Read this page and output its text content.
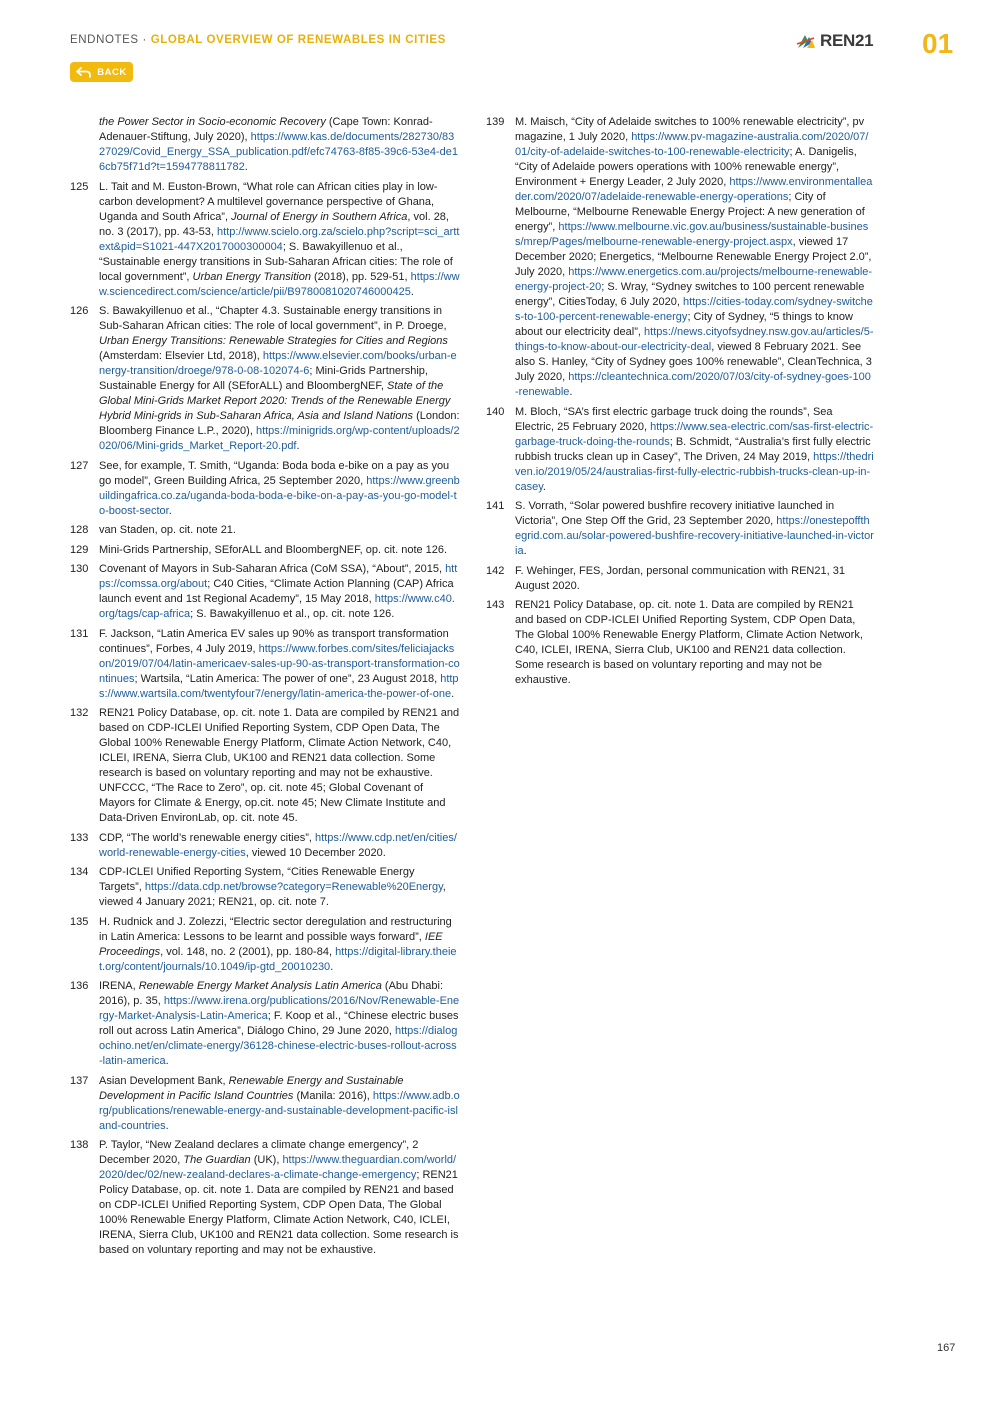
ENDNOTES · GLOBAL OVERVIEW OF RENEWABLES IN CITIES
BACK
REN21 01
the Power Sector in Socio-economic Recovery (Cape Town: Konrad-Adenauer-Stiftung, July 2020), https://www.kas.de/documents/282730/8327029/Covid_Energy_SSA_publication.pdf/efc74763-8f85-39c6-53e4-de16cb75f71d?t=1594778811782.
125 L. Tait and M. Euston-Brown, “What role can African cities play in low-carbon development? A multilevel governance perspective of Ghana, Uganda and South Africa”, Journal of Energy in Southern Africa, vol. 28, no. 3 (2017), pp. 43-53, http://www.scielo.org.za/scielo.php?script=sci_arttext&pid=S1021-447X2017000300004; S. Bawakyillenuo et al., “Sustainable energy transitions in Sub-Saharan African cities: The role of local government”, Urban Energy Transition (2018), pp. 529-51, https://www.sciencedirect.com/science/article/pii/B9780081020746000425.
126 S. Bawakyillenuo et al., “Chapter 4.3. Sustainable energy transitions in Sub-Saharan African cities: The role of local government”, in P. Droege, Urban Energy Transitions: Renewable Strategies for Cities and Regions (Amsterdam: Elsevier Ltd, 2018), https://www.elsevier.com/books/urban-energy-transition/droege/978-0-08-102074-6; Mini-Grids Partnership, Sustainable Energy for All (SEforALL) and BloombergNEF, State of the Global Mini-Grids Market Report 2020: Trends of the Renewable Energy Hybrid Mini-grids in Sub-Saharan Africa, Asia and Island Nations (London: Bloomberg Finance L.P., 2020), https://minigrids.org/wp-content/uploads/2020/06/Mini-grids_Market_Report-20.pdf.
127 See, for example, T. Smith, “Uganda: Boda boda e-bike on a pay as you go model”, Green Building Africa, 25 September 2020, https://www.greenbuildingafrica.co.za/uganda-boda-boda-e-bike-on-a-pay-as-you-go-model-to-boost-sector.
128 van Staden, op. cit. note 21.
129 Mini-Grids Partnership, SEforALL and BloombergNEF, op. cit. note 126.
130 Covenant of Mayors in Sub-Saharan Africa (CoM SSA), “About”, 2015, https://comssa.org/about; C40 Cities, “Climate Action Planning (CAP) Africa launch event and 1st Regional Academy”, 15 May 2018, https://www.c40.org/tags/cap-africa; S. Bawakyillenuo et al., op. cit. note 126.
131 F. Jackson, “Latin America EV sales up 90% as transport transformation continues”, Forbes, 4 July 2019, https://www.forbes.com/sites/feliciajackson/2019/07/04/latin-americaev-sales-up-90-as-transport-transformation-continues; Wartsila, “Latin America: The power of one”, 23 August 2018, https://www.wartsila.com/twentyfour7/energy/latin-america-the-power-of-one.
132 REN21 Policy Database, op. cit. note 1. Data are compiled by REN21 and based on CDP-ICLEI Unified Reporting System, CDP Open Data, The Global 100% Renewable Energy Platform, Climate Action Network, C40, ICLEI, IRENA, Sierra Club, UK100 and REN21 data collection. Some research is based on voluntary reporting and may not be exhaustive. UNFCCC, “The Race to Zero”, op. cit. note 45; Global Covenant of Mayors for Climate & Energy, op.cit. note 45; New Climate Institute and Data-Driven EnvironLab, op. cit. note 45.
133 CDP, “The world’s renewable energy cities”, https://www.cdp.net/en/cities/world-renewable-energy-cities, viewed 10 December 2020.
134 CDP-ICLEI Unified Reporting System, “Cities Renewable Energy Targets”, https://data.cdp.net/browse?category=Renewable%20Energy, viewed 4 January 2021; REN21, op. cit. note 7.
135 H. Rudnick and J. Zolezzi, “Electric sector deregulation and restructuring in Latin America: Lessons to be learnt and possible ways forward”, IEE Proceedings, vol. 148, no. 2 (2001), pp. 180-84, https://digital-library.theiet.org/content/journals/10.1049/ip-gtd_20010230.
136 IRENA, Renewable Energy Market Analysis Latin America (Abu Dhabi: 2016), p. 35, https://www.irena.org/publications/2016/Nov/Renewable-Energy-Market-Analysis-Latin-America; F. Koop et al., “Chinese electric buses roll out across Latin America”, Diálogo Chino, 29 June 2020, https://dialogochino.net/en/climate-energy/36128-chinese-electric-buses-rollout-across-latin-america.
137 Asian Development Bank, Renewable Energy and Sustainable Development in Pacific Island Countries (Manila: 2016), https://www.adb.org/publications/renewable-energy-and-sustainable-development-pacific-island-countries.
138 P. Taylor, “New Zealand declares a climate change emergency”, 2 December 2020, The Guardian (UK), https://www.theguardian.com/world/2020/dec/02/new-zealand-declares-a-climate-change-emergency; REN21 Policy Database, op. cit. note 1. Data are compiled by REN21 and based on CDP-ICLEI Unified Reporting System, CDP Open Data, The Global 100% Renewable Energy Platform, Climate Action Network, C40, ICLEI, IRENA, Sierra Club, UK100 and REN21 data collection. Some research is based on voluntary reporting and may not be exhaustive.
139 M. Maisch, “City of Adelaide switches to 100% renewable electricity”, pv magazine, 1 July 2020, https://www.pv-magazine-australia.com/2020/07/01/city-of-adelaide-switches-to-100-renewable-electricity; A. Danigelis, “City of Adelaide powers operations with 100% renewable energy”, Environment + Energy Leader, 2 July 2020, https://www.environmentalleader.com/2020/07/adelaide-renewable-energy-operations; City of Melbourne, “Melbourne Renewable Energy Project: A new generation of energy”, https://www.melbourne.vic.gov.au/business/sustainable-business/mrep/Pages/melbourne-renewable-energy-project.aspx, viewed 17 December 2020; Energetics, “Melbourne Renewable Energy Project 2.0”, July 2020, https://www.energetics.com.au/projects/melbourne-renewable-energy-project-20; S. Wray, “Sydney switches to 100 percent renewable energy”, CitiesToday, 6 July 2020, https://cities-today.com/sydney-switches-to-100-percent-renewable-energy; City of Sydney, “5 things to know about our electricity deal”, https://news.cityofsydney.nsw.gov.au/articles/5-things-to-know-about-our-electricity-deal, viewed 8 February 2021. See also S. Hanley, “City of Sydney goes 100% renewable”, CleanTechnica, 3 July 2020, https://cleantechnica.com/2020/07/03/city-of-sydney-goes-100-renewable.
140 M. Bloch, “SA’s first electric garbage truck doing the rounds”, Sea Electric, 25 February 2020, https://www.sea-electric.com/sas-first-electric-garbage-truck-doing-the-rounds; B. Schmidt, “Australia’s first fully electric rubbish trucks clean up in Casey”, The Driven, 24 May 2019, https://thedriven.io/2019/05/24/australias-first-fully-electric-rubbish-trucks-clean-up-in-casey.
141 S. Vorrath, “Solar powered bushfire recovery initiative launched in Victoria”, One Step Off the Grid, 23 September 2020, https://onestepoffthegrid.com.au/solar-powered-bushfire-recovery-initiative-launched-in-victoria.
142 F. Wehinger, FES, Jordan, personal communication with REN21, 31 August 2020.
143 REN21 Policy Database, op. cit. note 1. Data are compiled by REN21 and based on CDP-ICLEI Unified Reporting System, CDP Open Data, The Global 100% Renewable Energy Platform, Climate Action Network, C40, ICLEI, IRENA, Sierra Club, UK100 and REN21 data collection. Some research is based on voluntary reporting and may not be exhaustive.
167
